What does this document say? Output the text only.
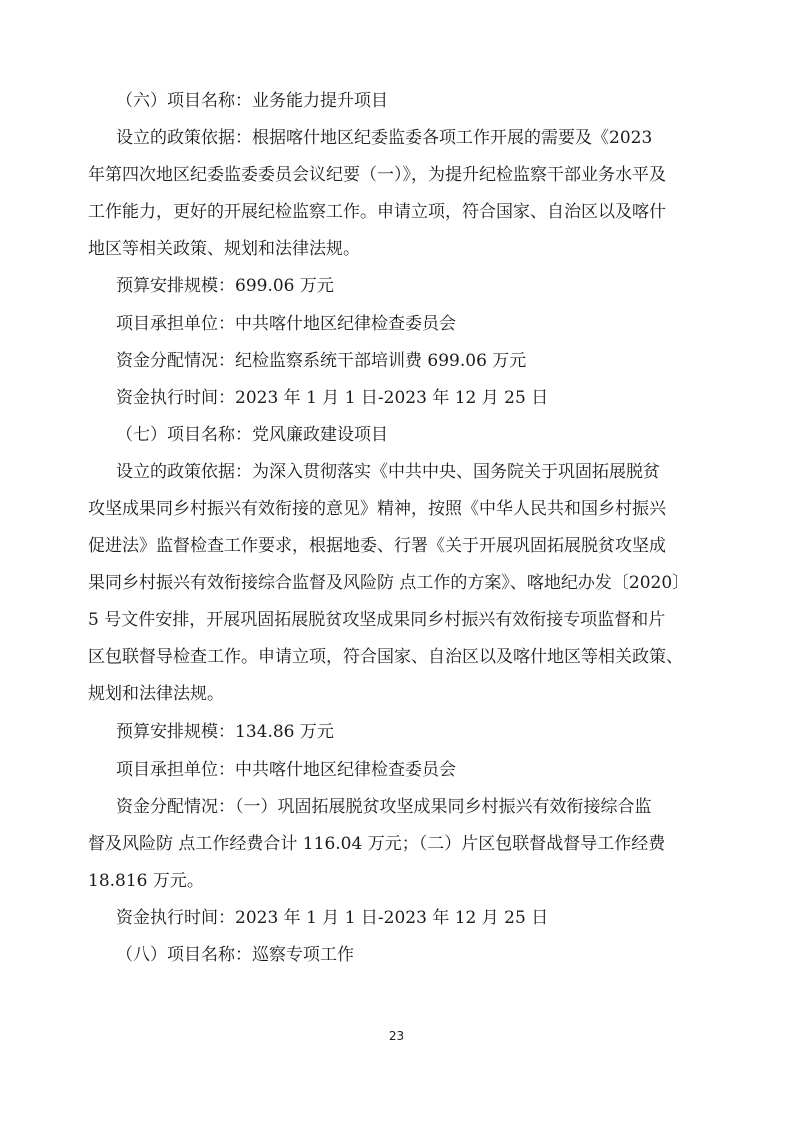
（六）项目名称：业务能力提升项目
设立的政策依据：根据喀什地区纪委监委各项工作开展的需要及《2023
年第四次地区纪委监委委员会议纪要（一）》，为提升纪检监察干部业务水平及
工作能力，更好的开展纪检监察工作。申请立项，符合国家、自治区以及喀什
地区等相关政策、规划和法律法规。
预算安排规模：699.06 万元
项目承担单位：中共喀什地区纪律检查委员会
资金分配情况：纪检监察系统干部培训费 699.06 万元
资金执行时间：2023 年 1 月 1 日-2023 年 12 月 25 日
（七）项目名称：党风廉政建设项目
设立的政策依据：为深入贯彻落实《中共中央、国务院关于巩固拓展脱贫
攻坚成果同乡村振兴有效衔接的意见》精神，按照《中华人民共和国乡村振兴
促进法》监督检查工作要求，根据地委、行署《关于开展巩固拓展脱贫攻坚成
果同乡村振兴有效衔接综合监督及风险防 点工作的方案》、喀地纪办发〔2020〕
5 号文件安排，开展巩固拓展脱贫攻坚成果同乡村振兴有效衔接专项监督和片
区包联督导检查工作。申请立项，符合国家、自治区以及喀什地区等相关政策、
规划和法律法规。
预算安排规模：134.86 万元
项目承担单位：中共喀什地区纪律检查委员会
资金分配情况：（一）巩固拓展脱贫攻坚成果同乡村振兴有效衔接综合监
督及风险防 点工作经费合计 116.04 万元；（二）片区包联督战督导工作经费
18.816 万元。
资金执行时间：2023 年 1 月 1 日-2023 年 12 月 25 日
（八）项目名称：巡察专项工作
23
